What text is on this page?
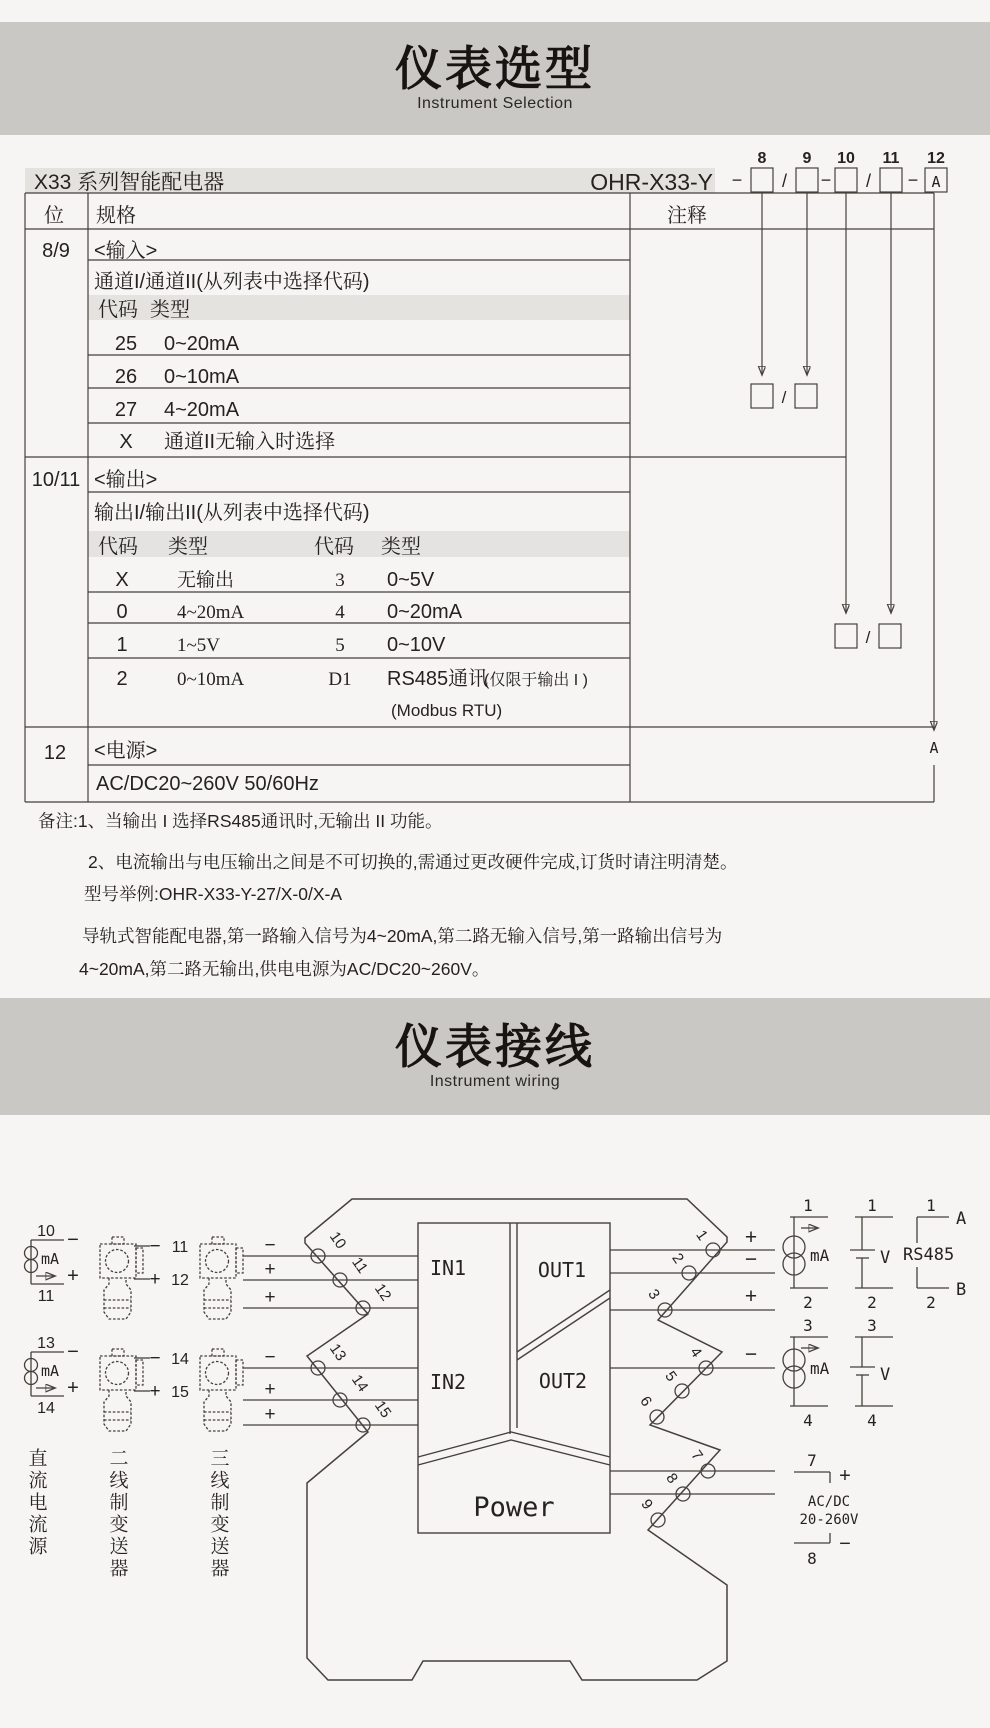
仪表选型
Instrument Selection
仪表接线
Instrument wiring
X33 系列智能配电器	OHR-X33-Y
8 9 10 11 12
− / − / − A
/
/
A
位 规格	注释
8/9 <输入>
通道I/通道II(从列表中选择代码)
代码 类型
25 0~20mA
26 0~10mA
27 4~20mA
X 通道II无输入时选择
10/11 <输出>
输出I/输出II(从列表中选择代码)
代码 类型	代码 类型
X	无输出	3 0~5V
0	4~20mA	4 0~20mA
1	1~5V	5 0~10V
2	0~10mA	D1 RS485通讯
(仅限于输出 I )
(Modbus RTU)
12 <电源>
AC/DC20~260V 50/60Hz
备注:1、当输出 I 选择RS485通讯时,无输出 II 功能。
2、电流输出与电压输出之间是不可切换的,需通过更改硬件完成,订货时请注明清楚。
型号举例:OHR-X33-Y-27/X-0/X-A
导轨式智能配电器,第一路输入信号为4~20mA,第二路无输入信号,第一路输出信号为
4~20mA,第二路无输出,供电电源为AC/DC20~260V。
IN1
IN2
OUT1
OUT2
Power
10
11
12
13
14
15
1
2
3
4
5
6
7
8
9
10 −
mA
+
11
13 −
mA
+
14
− 11
+ 12
− 14
+ 15
−
+
+
−
+
+
直流电流源	二线制变送器	三线制变送器
+
−
+
−
1
mA
2
1
V
2
1
A
RS485
B
2
3
mA
4
3
V
4
7
+
AC/DC
20-260V
−
8
